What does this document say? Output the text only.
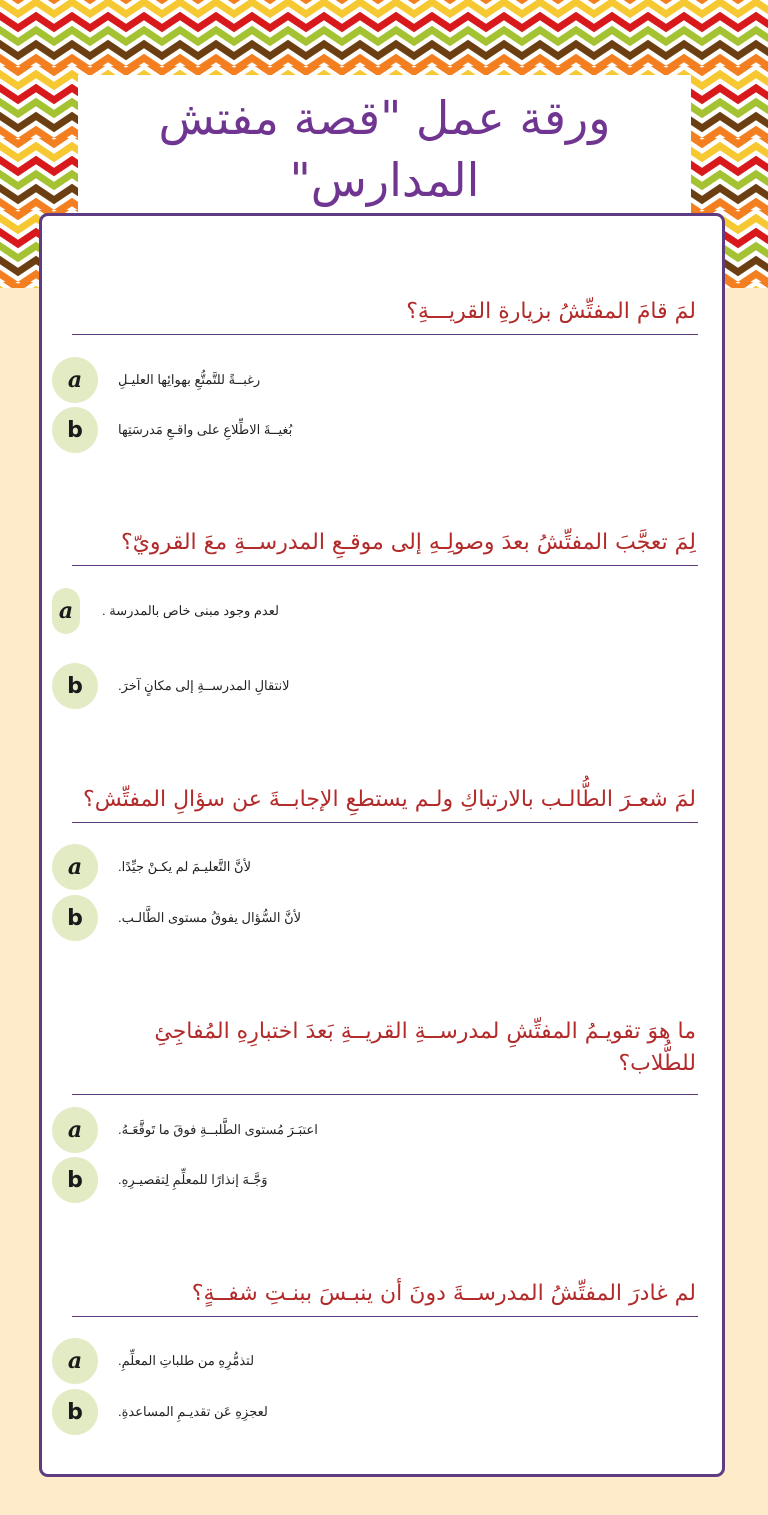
ورقة عمل "قصة مفتش المدارس"
لمَ قامَ المفتِّشُ بزيارةِ القريـــةِ؟
a	رغبــةً للتَّمتُّعِ بهوائِها العليـلِ
b	بُغيــةَ الاطِّلاعِ على واقـعِ مَدرسَتِها
لِمَ تعجَّبَ المفتِّشُ بعدَ وصولِـهِ إلى موقـعِ المدرســةِ معَ القرويّ؟
a	لعدم وجود مبنى خاص بالمدرسة .
b	لانتقالِ المدرســةِ إلى مكانٍ آخرَ.
لمَ شعـرَ الطُّالـب بالارتباكِ ولـم يستطعِ الإجابــةَ عن سؤالِ المفتِّش؟
a	لأنَّ التَّعليـمَ لم يكـنْ جيِّدًا.
b	لأنَّ السُّؤال يفوقُ مستوى الطَّالـب.
ما هوَ تقويـمُ المفتِّشِ لمدرســةِ القريــةِ بَعدَ اختبارِهِ المُفاجِئِ للطُّلاب؟
a	اعتبَـرَ مُستوى الطَّلبــةِ فوقَ ما تَوقَّعَـهُ.
b	وَجَّـهَ إنذارًا للمعلِّمِ لِتقصيـرِهِ.
لم غادرَ المفتِّشُ المدرســةَ دونَ أن ينبـسَ ببنـتِ شفــةٍ؟
a	لتذمُّرِهِ من طلباتِ المعلِّمِ.
b	لعجزِهِ عَن تقديـمِ المساعدةِ.
